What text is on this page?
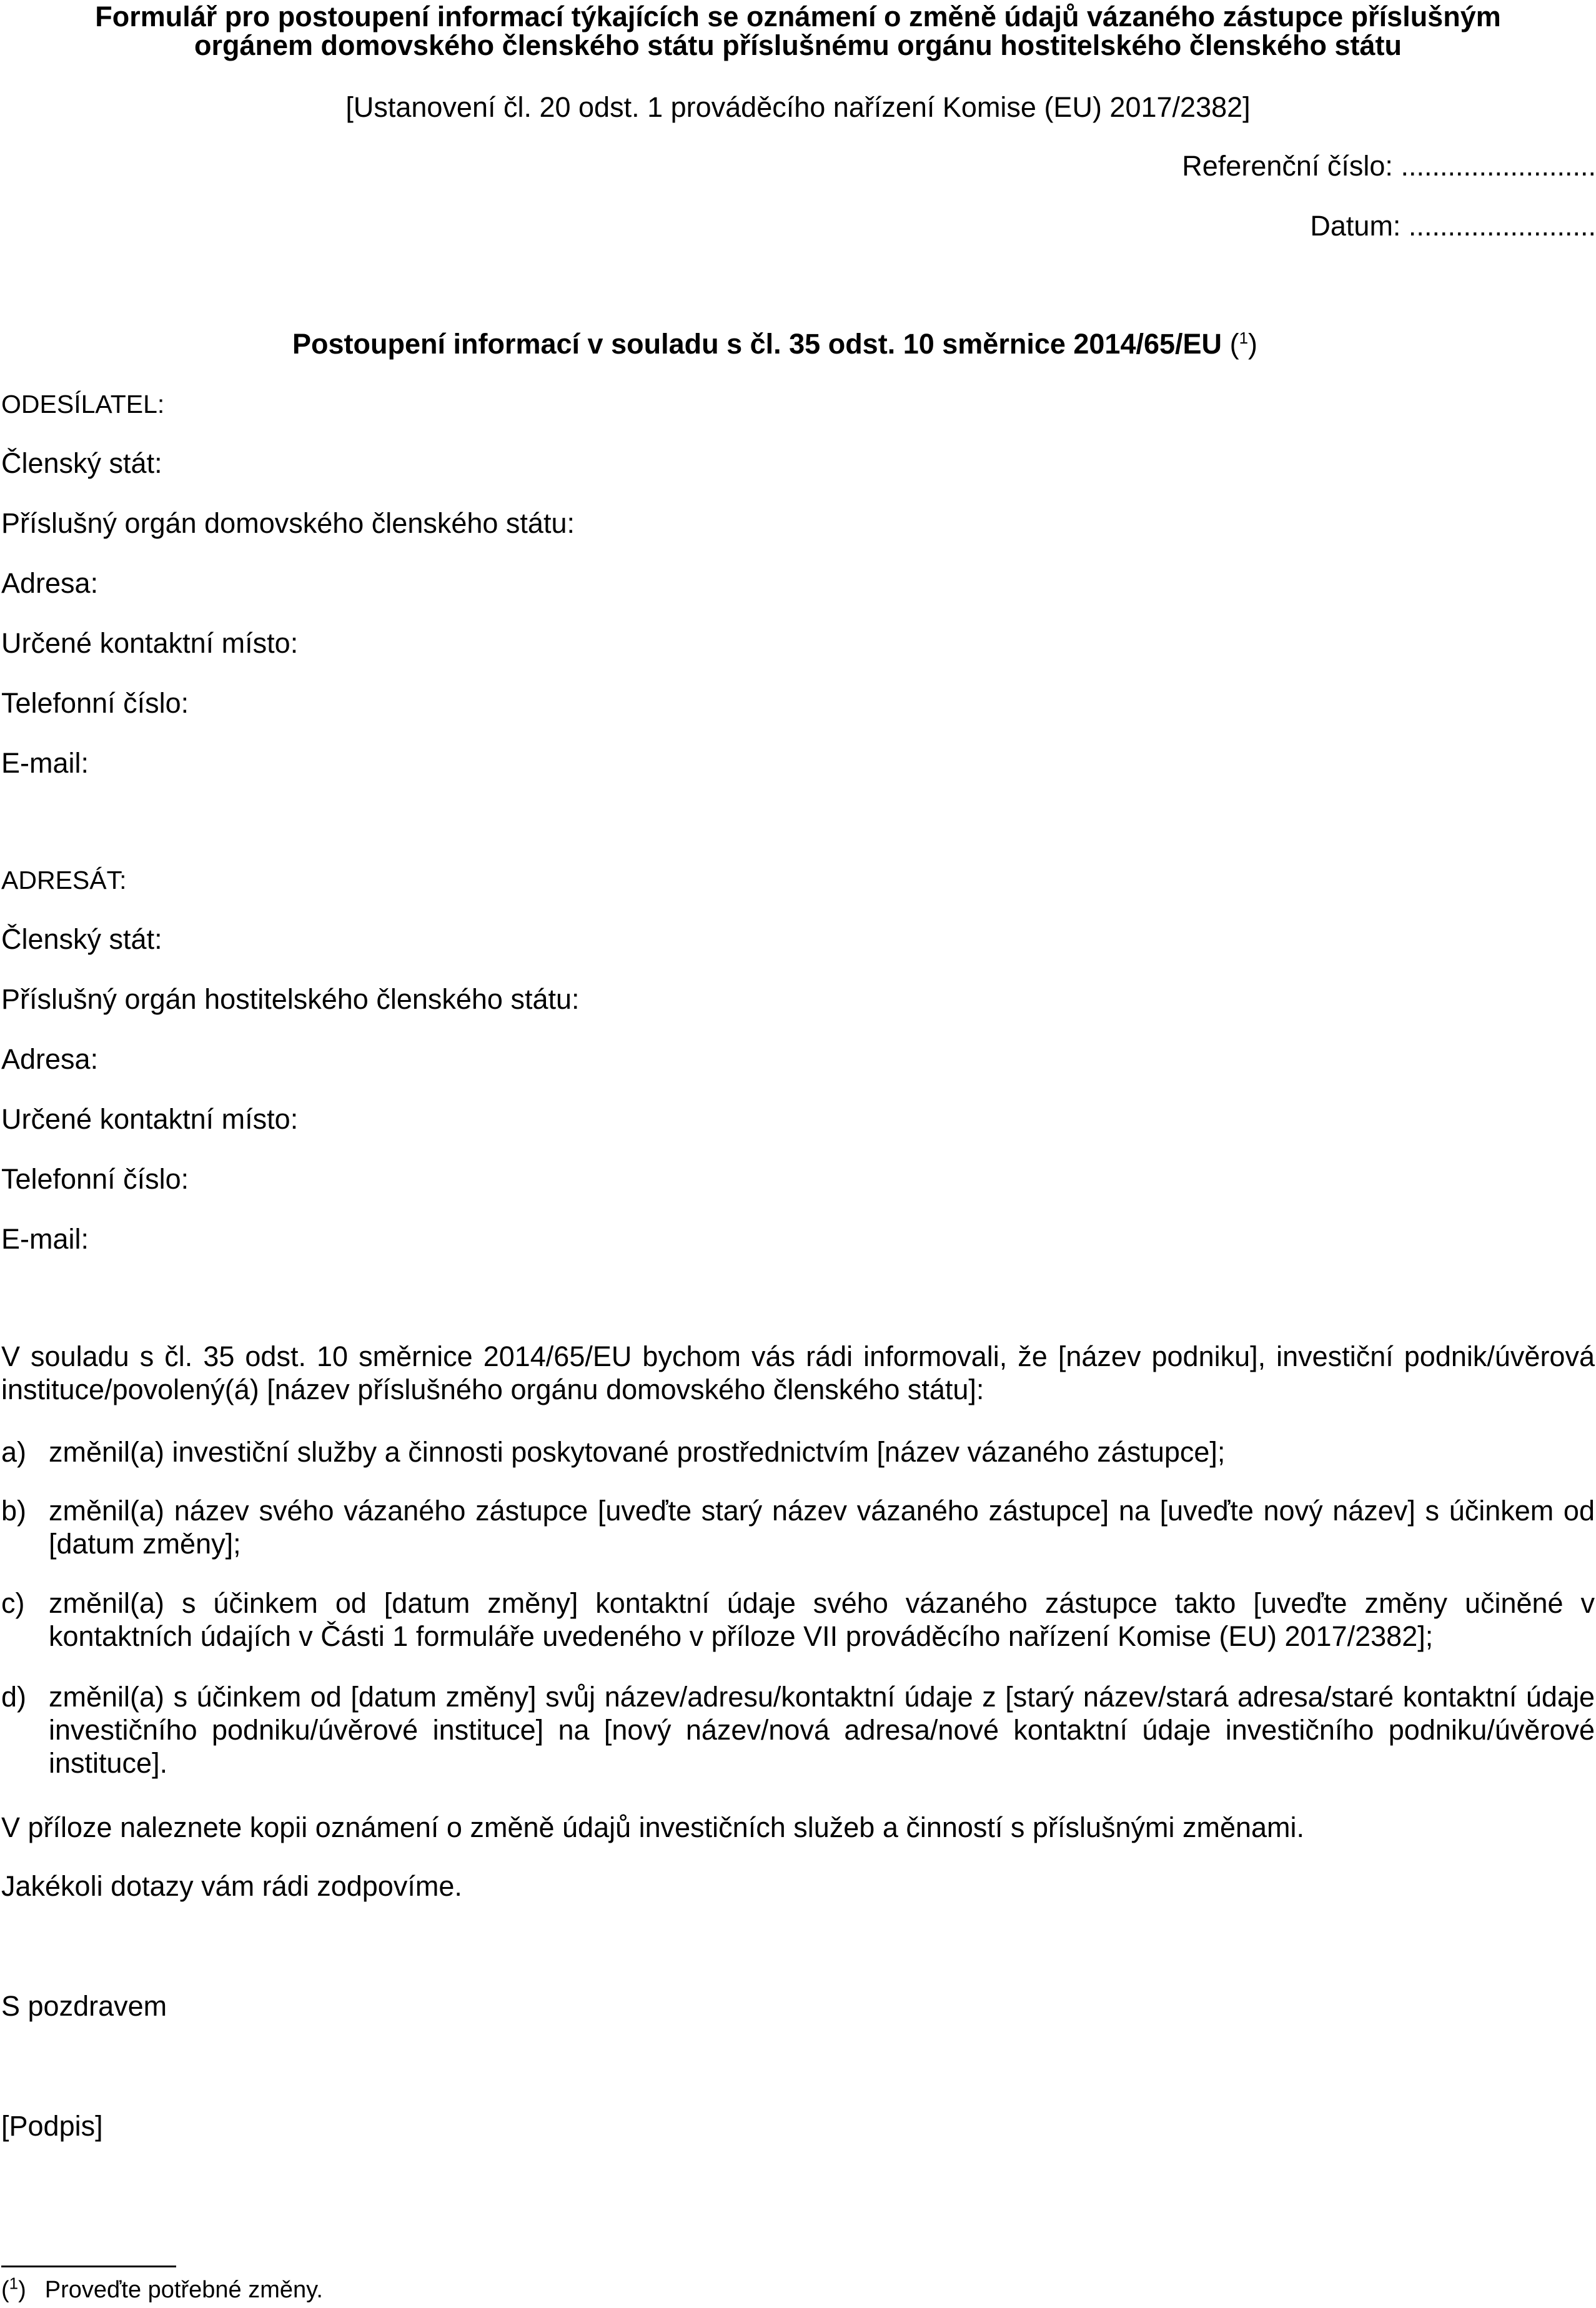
Formulář pro postoupení informací týkajících se oznámení o změně údajů vázaného zástupce příslušným
orgánem domovského členského státu příslušnému orgánu hostitelského členského státu
[Ustanovení čl. 20 odst. 1 prováděcího nařízení Komise (EU) 2017/2382]
Referenční číslo: .........................
Datum: ........................
Postoupení informací v souladu s čl. 35 odst. 10 směrnice 2014/65/EU ($^1$)
ODESÍLATEL:
Členský stát:
Příslušný orgán domovského členského státu:
Adresa:
Určené kontaktní místo:
Telefonní číslo:
E-mail:
ADRESÁT:
Členský stát:
Příslušný orgán hostitelského členského státu:
Adresa:
Určené kontaktní místo:
Telefonní číslo:
E-mail:
V souladu s čl. 35 odst. 10 směrnice 2014/65/EU bychom vás rádi informovali, že [název podniku], investiční podnik/úvěrová instituce/povolený(á) [název příslušného orgánu domovského členského státu]:
a) změnil(a) investiční služby a činnosti poskytované prostřednictvím [název vázaného zástupce];
b) změnil(a) název svého vázaného zástupce [uveďte starý název vázaného zástupce] na [uveďte nový název] s účinkem od [datum změny];
c) změnil(a) s účinkem od [datum změny] kontaktní údaje svého vázaného zástupce takto [uveďte změny učiněné v kontaktních údajích v Části 1 formuláře uvedeného v příloze VII prováděcího nařízení Komise (EU) 2017/2382];
d) změnil(a) s účinkem od [datum změny] svůj název/adresu/kontaktní údaje z [starý název/stará adresa/staré kontaktní údaje investičního podniku/úvěrové instituce] na [nový název/nová adresa/nové kontaktní údaje investičního podniku/úvěrové instituce].
V příloze naleznete kopii oznámení o změně údajů investičních služeb a činností s příslušnými změnami.
Jakékoli dotazy vám rádi zodpovíme.
S pozdravem
[Podpis]
($^1$) Proveďte potřebné změny.
